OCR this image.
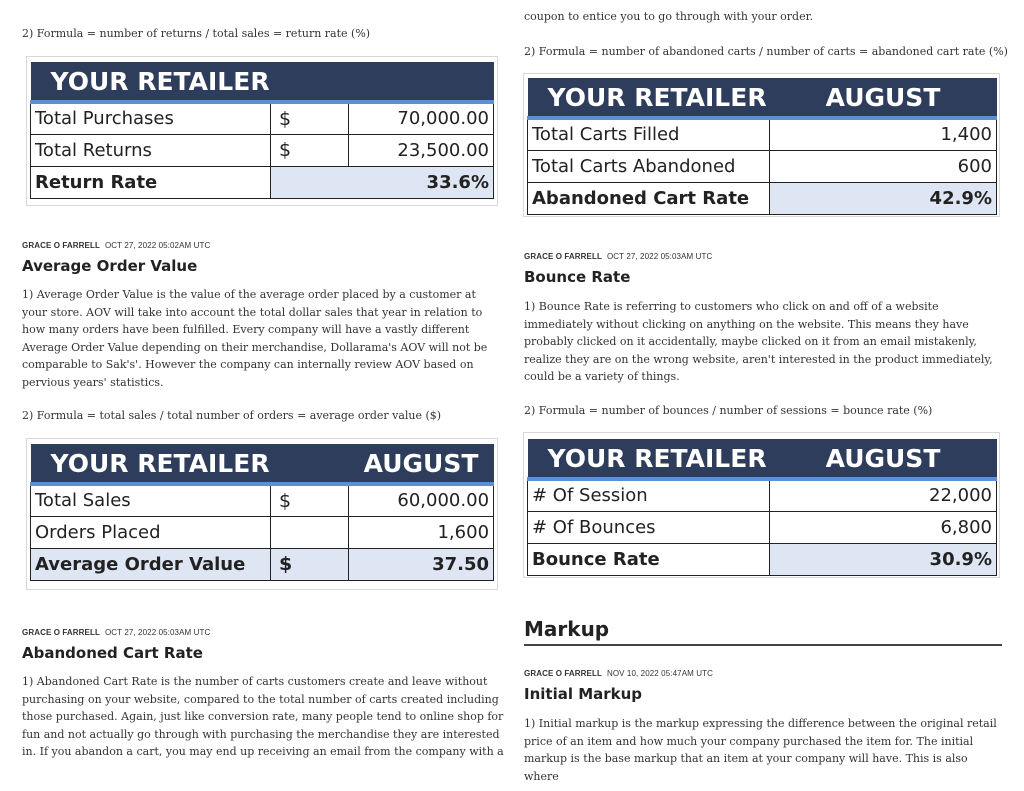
2) Formula = number of returns / total sales = return rate (%)
YOUR RETAILER		
Total Purchases	$	70,000.00
Total Returns	$	23,500.00
Return Rate	33.6%	
GRACE O FARRELL OCT 27, 2022 05:02AM UTC
Average Order Value
1) Average Order Value is the value of the average order placed by a customer at your store. AOV will take into account the total dollar sales that year in relation to how many orders have been fulfilled. Every company will have a vastly different Average Order Value depending on their merchandise, Dollarama's AOV will not be comparable to Sak's'. However the company can internally review AOV based on pervious years' statistics.
2) Formula = total sales / total number of orders = average order value ($)
YOUR RETAILER		AUGUST
Total Sales	$	60,000.00
Orders Placed		1,600
Average Order Value	$	37.50
GRACE O FARRELL OCT 27, 2022 05:03AM UTC
Abandoned Cart Rate
1) Abandoned Cart Rate is the number of carts customers create and leave without purchasing on your website, compared to the total number of carts created including those purchased. Again, just like conversion rate, many people tend to online shop for fun and not actually go through with purchasing the merchandise they are interested in. If you abandon a cart, you may end up receiving an email from the company with a
coupon to entice you to go through with your order.
2) Formula = number of abandoned carts / number of carts = abandoned cart rate (%)
YOUR RETAILER	AUGUST
Total Carts Filled	1,400
Total Carts Abandoned	600
Abandoned Cart Rate	42.9%
GRACE O FARRELL OCT 27, 2022 05:03AM UTC
Bounce Rate
1) Bounce Rate is referring to customers who click on and off of a website immediately without clicking on anything on the website. This means they have probably clicked on it accidentally, maybe clicked on it from an email mistakenly, realize they are on the wrong website, aren't interested in the product immediately, could be a variety of things.
2) Formula = number of bounces / number of sessions = bounce rate (%)
YOUR RETAILER	AUGUST
# Of Session	22,000
# Of Bounces	6,800
Bounce Rate	30.9%
Markup
GRACE O FARRELL NOV 10, 2022 05:47AM UTC
Initial Markup
1) Initial markup is the markup expressing the difference between the original retail price of an item and how much your company purchased the item for. The initial markup is the base markup that an item at your company will have. This is also where
